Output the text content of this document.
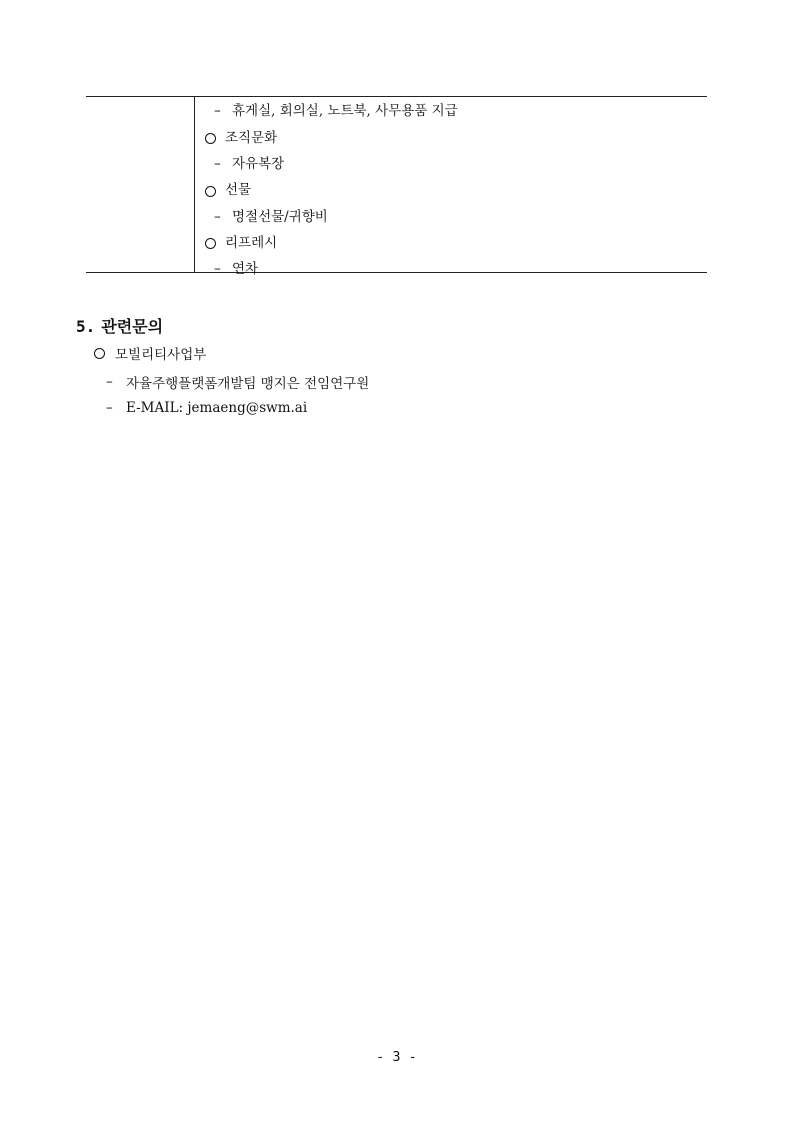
– 휴게실, 회의실, 노트북, 사무용품 지급
조직문화
– 자유복장
선물
– 명절선물/귀향비
리프레시
– 연차
5. 관련문의
모빌리티사업부
– 자율주행플랫폼개발팀 맹지은 전임연구원
– E-MAIL: jemaeng@swm.ai
- 3 -
